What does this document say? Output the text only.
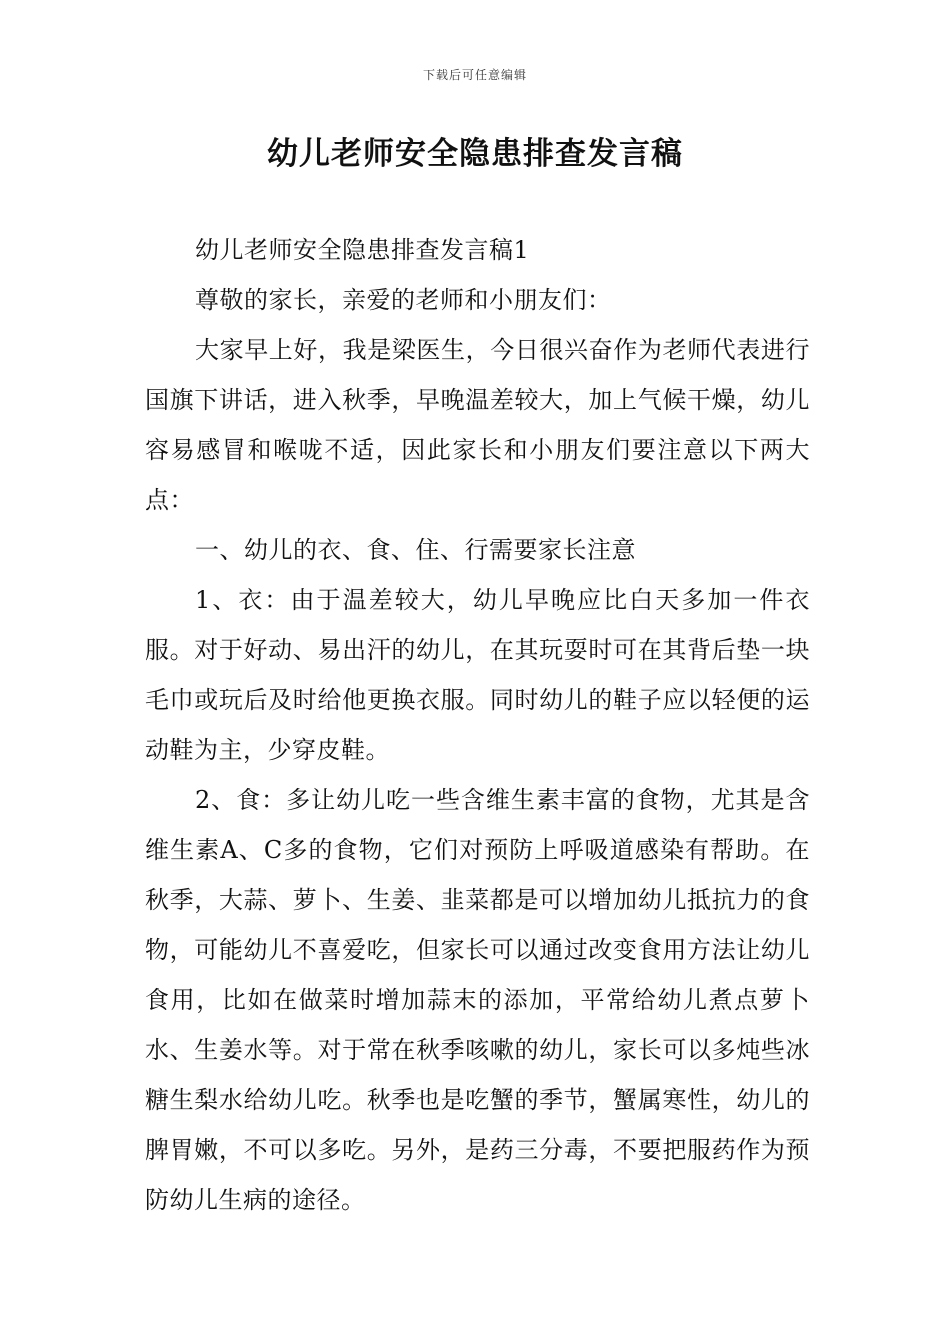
下载后可任意编辑
幼儿老师安全隐患排查发言稿

幼儿老师安全隐患排查发言稿1

尊敬的家长，亲爱的老师和小朋友们：

大家早上好，我是梁医生，今日很兴奋作为老师代表进行国旗下讲话，进入秋季，早晚温差较大，加上气候干燥，幼儿容易感冒和喉咙不适，因此家长和小朋友们要注意以下两大点：

一、幼儿的衣、食、住、行需要家长注意

1、衣：由于温差较大，幼儿早晚应比白天多加一件衣服。对于好动、易出汗的幼儿，在其玩耍时可在其背后垫一块毛巾或玩后及时给他更换衣服。同时幼儿的鞋子应以轻便的运动鞋为主，少穿皮鞋。

2、食：多让幼儿吃一些含维生素丰富的食物，尤其是含维生素A、C多的食物，它们对预防上呼吸道感染有帮助。在秋季，大蒜、萝卜、生姜、韭菜都是可以增加幼儿抵抗力的食物，可能幼儿不喜爱吃，但家长可以通过改变食用方法让幼儿食用，比如在做菜时增加蒜末的添加，平常给幼儿煮点萝卜水、生姜水等。对于常在秋季咳嗽的幼儿，家长可以多炖些冰糖生梨水给幼儿吃。秋季也是吃蟹的季节，蟹属寒性，幼儿的脾胃嫩，不可以多吃。另外，是药三分毒，不要把服药作为预防幼儿生病的途径。
